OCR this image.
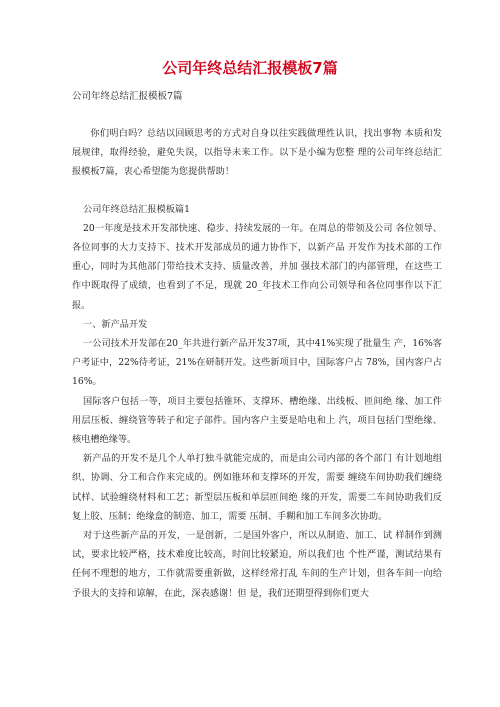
公司年终总结汇报模板7篇

公司年终总结汇报模板7篇

你们明白吗？总结以回顾思考的方式对自身以往实践做理性认识，找出事物 本质和发展规律，取得经验，避免失误，以指导未来工作。以下是小编为您整 理的公司年终总结汇报模板7篇，衷心希望能为您提供帮助！

公司年终总结汇报模板篇1

20一年度是技术开发部快速、稳步、持续发展的一年。在周总的带领及公司 各位领导、各位同事的大力支持下、技术开发部成员的通力协作下，以新产品 开发作为技术部的工作重心，同时为其他部门带给技术支持、质量改善，并加 强技术部门的内部管理，在这些工作中既取得了成绩，也看到了不足，现就 20_年技术工作向公司领导和各位同事作以下汇报。

一、新产品开发

一公司技术开发部在20_年共进行新产品开发37项，其中41%实现了批量生 产，16%客户考证中，22%待考证，21%在研制开发。这些新项目中，国际客户占 78%，国内客户占16%。

国际客户包括一等，项目主要包括锥环、支撑环、槽绝缘、出线板、匝间绝 缘、加工件用层压板、缠绕管等转子和定子部件。国内客户主要是哈电和上 汽，项目包括门型绝缘、核电槽绝缘等。

新产品的开发不是几个人单打独斗就能完成的，而是由公司内部的各个部门 有计划地组织、协调、分工和合作来完成的。例如锥环和支撑环的开发，需要 缠绕车间协助我们缠绕试样、试验缠绕材料和工艺；新型层压板和单层匝间绝 缘的开发，需要二车间协助我们反复上胶、压制；绝缘盒的制造、加工，需要 压制、手糊和加工车间多次协助。

对于这些新产品的开发，一是创新，二是国外客户，所以从制造、加工、试 样制作到测试，要求比较严格，技术难度比较高，时间比较紧迫，所以我们也 个性严谨，测试结果有任何不理想的地方，工作就需要重新做，这样经常打乱 车间的生产计划，但各车间一向给予很大的支持和谅解，在此，深表感谢！但 是，我们还期望得到你们更大
